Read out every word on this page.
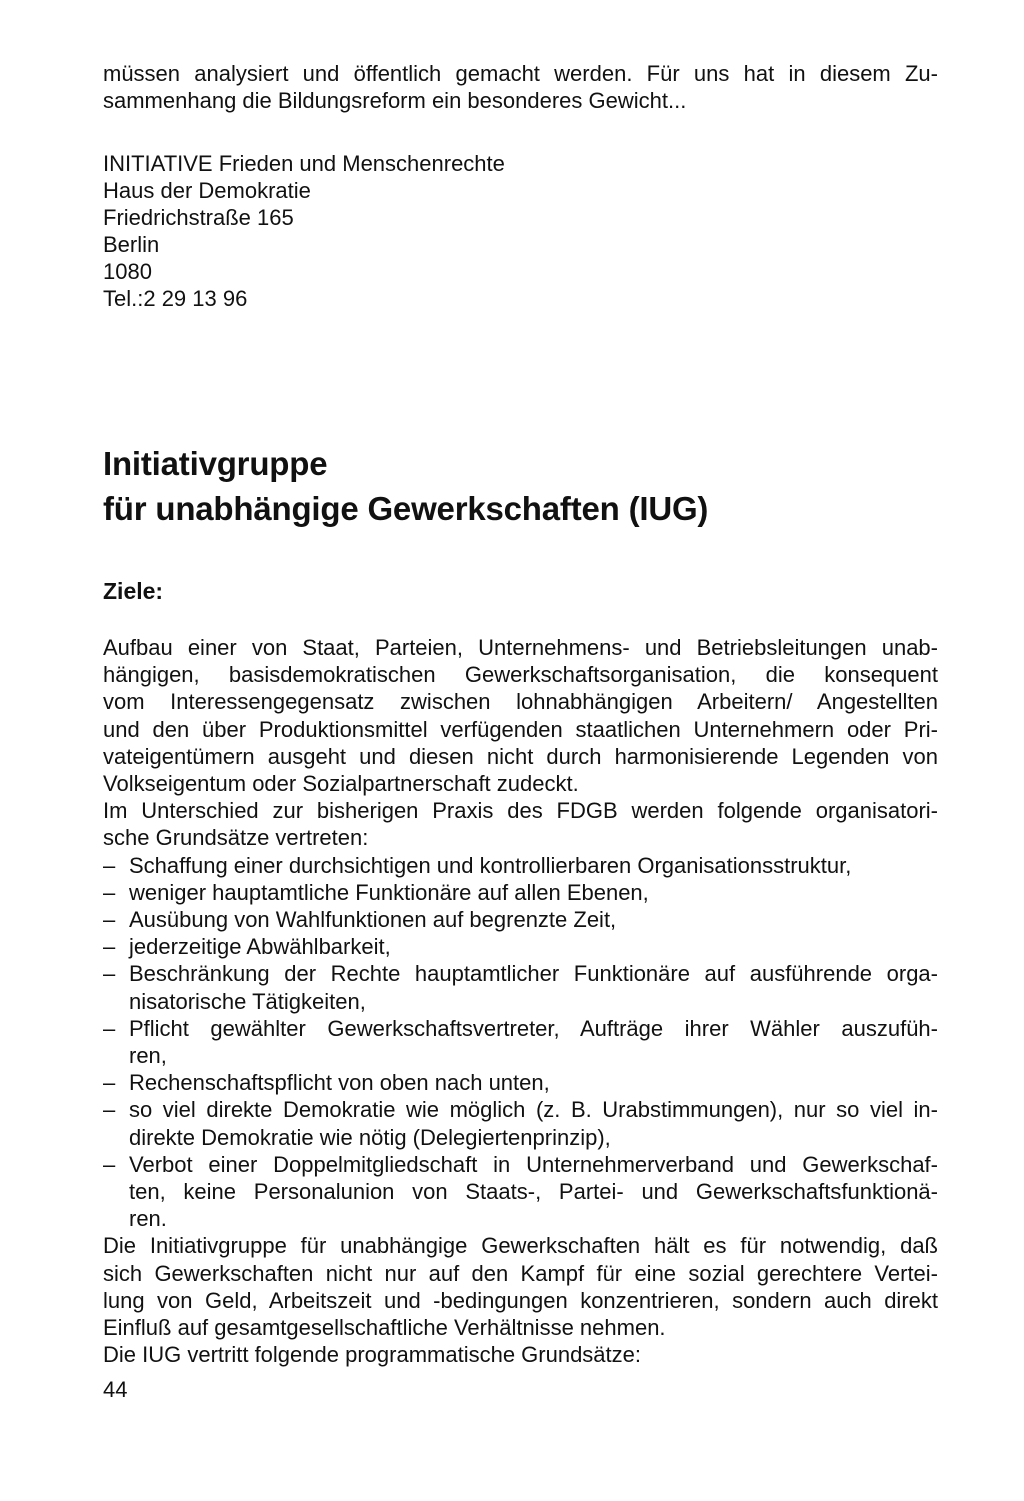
müssen analysiert und öffentlich gemacht werden. Für uns hat in diesem Zu-
sammenhang die Bildungsreform ein besonderes Gewicht...
INITIATIVE Frieden und Menschenrechte
Haus der Demokratie
Friedrichstraße 165
Berlin
1080
Tel.:2 29 13 96
Initiativgruppe
für unabhängige Gewerkschaften (IUG)
Ziele:
Aufbau einer von Staat, Parteien, Unternehmens- und Betriebsleitungen unab-
hängigen, basisdemokratischen Gewerkschaftsorganisation, die konsequent
vom Interessengegensatz zwischen lohnabhängigen Arbeitern/ Angestellten
und den über Produktionsmittel verfügenden staatlichen Unternehmern oder Pri-
vateigentümern ausgeht und diesen nicht durch harmonisierende Legenden von
Volkseigentum oder Sozialpartnerschaft zudeckt.
Im Unterschied zur bisherigen Praxis des FDGB werden folgende organisatori-
sche Grundsätze vertreten:
– Schaffung einer durchsichtigen und kontrollierbaren Organisationsstruktur,
– weniger hauptamtliche Funktionäre auf allen Ebenen,
– Ausübung von Wahlfunktionen auf begrenzte Zeit,
– jederzeitige Abwählbarkeit,
– Beschränkung der Rechte hauptamtlicher Funktionäre auf ausführende orga-
nisatorische Tätigkeiten,
– Pflicht gewählter Gewerkschaftsvertreter, Aufträge ihrer Wähler auszufüh-
ren,
– Rechenschaftspflicht von oben nach unten,
– so viel direkte Demokratie wie möglich (z. B. Urabstimmungen), nur so viel in-
direkte Demokratie wie nötig (Delegiertenprinzip),
– Verbot einer Doppelmitgliedschaft in Unternehmerverband und Gewerkschaf-
ten, keine Personalunion von Staats-, Partei- und Gewerkschaftsfunktionä-
ren.
Die Initiativgruppe für unabhängige Gewerkschaften hält es für notwendig, daß
sich Gewerkschaften nicht nur auf den Kampf für eine sozial gerechtere Vertei-
lung von Geld, Arbeitszeit und -bedingungen konzentrieren, sondern auch direkt
Einfluß auf gesamtgesellschaftliche Verhältnisse nehmen.
Die IUG vertritt folgende programmatische Grundsätze:
44
